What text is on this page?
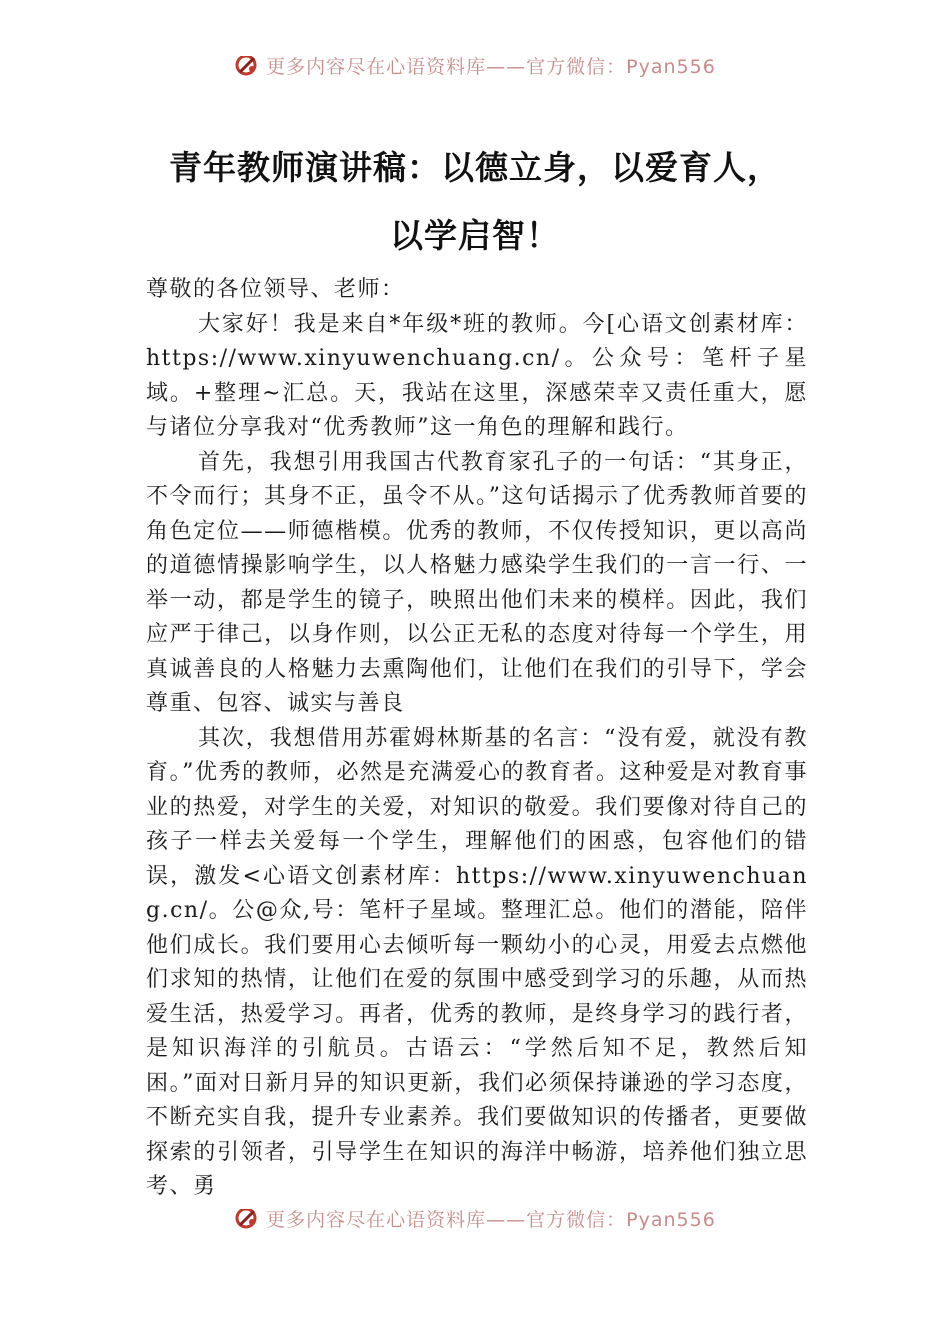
更多内容尽在心语资料库——官方微信：Pyan556
青年教师演讲稿：以德立身，以爱育人，
以学启智！

尊敬的各位领导、老师：

大家好！我是来自*年级*班的教师。今[心语文创素材库：https://www.xinyuwenchuang.cn/。公众号：笔杆子星域。+整理~汇总。天，我站在这里，深感荣幸又责任重大，愿与诸位分享我对“优秀教师”这一角色的理解和践行。

首先，我想引用我国古代教育家孔子的一句话：“其身正，不令而行；其身不正，虽令不从。”这句话揭示了优秀教师首要的角色定位——师德楷模。优秀的教师，不仅传授知识，更以高尚的道德情操影响学生，以人格魅力感染学生我们的一言一行、一举一动，都是学生的镜子，映照出他们未来的模样。因此，我们应严于律己，以身作则，以公正无私的态度对待每一个学生，用真诚善良的人格魅力去熏陶他们，让他们在我们的引导下，学会尊重、包容、诚实与善良

其次，我想借用苏霍姆林斯基的名言：“没有爱，就没有教育。”优秀的教师，必然是充满爱心的教育者。这种爱是对教育事业的热爱，对学生的关爱，对知识的敬爱。我们要像对待自己的孩子一样去关爱每一个学生，理解他们的困惑，包容他们的错误，激发<心语文创素材库：https://www.xinyuwenchuang.cn/。公@众,号：笔杆子星域。整理汇总。他们的潜能，陪伴他们成长。我们要用心去倾听每一颗幼小的心灵，用爱去点燃他们求知的热情，让他们在爱的氛围中感受到学习的乐趣，从而热爱生活，热爱学习。再者，优秀的教师，是终身学习的践行者，是知识海洋的引航员。古语云：“学然后知不足，教然后知困。”面对日新月异的知识更新，我们必须保持谦逊的学习态度，不断充实自我，提升专业素养。我们要做知识的传播者，更要做探索的引领者，引导学生在知识的海洋中畅游，培养他们独立思考、勇

更多内容尽在心语资料库——官方微信：Pyan556
